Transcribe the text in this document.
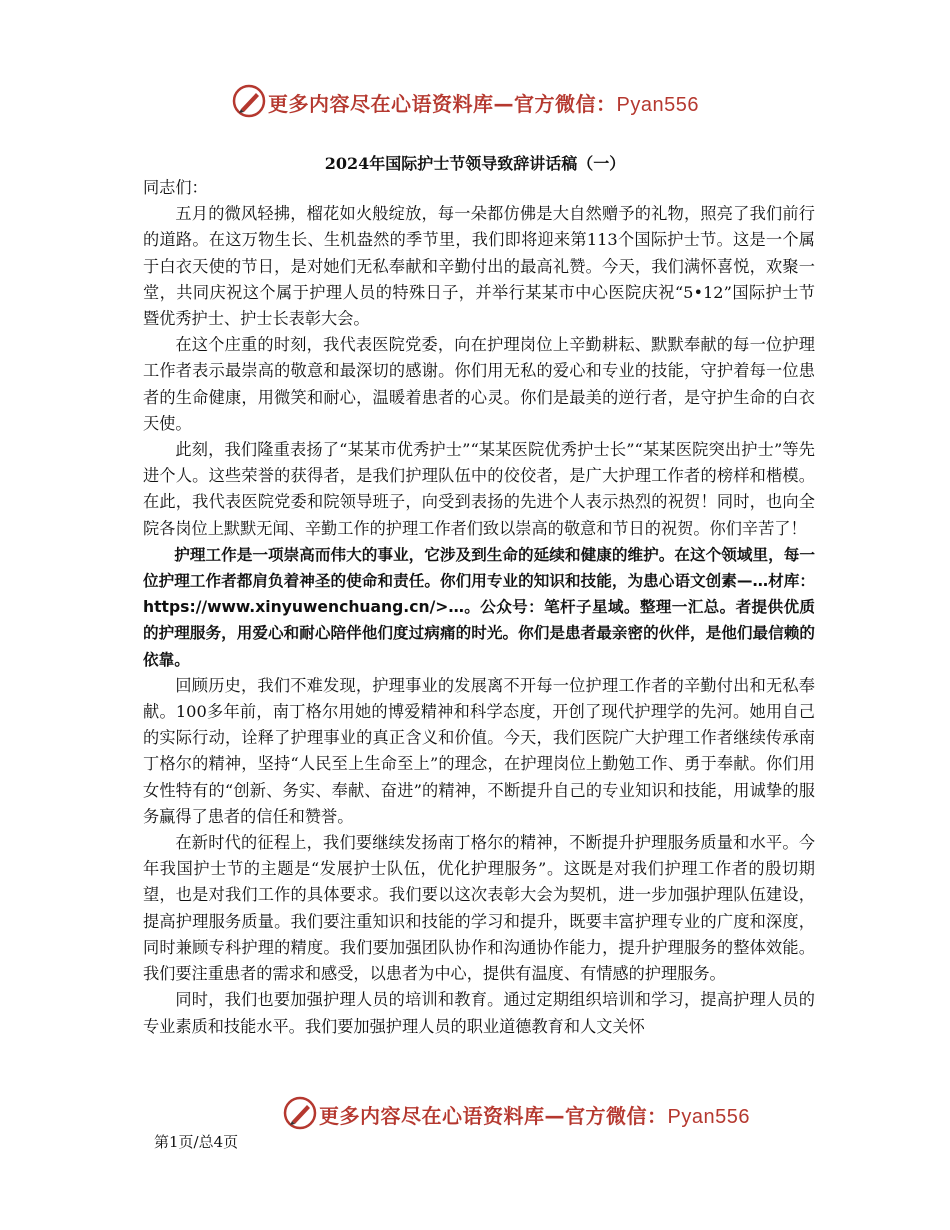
更多内容尽在心语资料库—官方微信：Pyan556
2024年国际护士节领导致辞讲话稿（一）

同志们：

五月的微风轻拂，榴花如火般绽放，每一朵都仿佛是大自然赠予的礼物，照亮了我们前行的道路。在这万物生长、生机盎然的季节里，我们即将迎来第113个国际护士节。这是一个属于白衣天使的节日，是对她们无私奉献和辛勤付出的最高礼赞。今天，我们满怀喜悦，欢聚一堂，共同庆祝这个属于护理人员的特殊日子，并举行某某市中心医院庆祝“5•12”国际护士节暨优秀护士、护士长表彰大会。

在这个庄重的时刻，我代表医院党委，向在护理岗位上辛勤耕耘、默默奉献的每一位护理工作者表示最崇高的敬意和最深切的感谢。你们用无私的爱心和专业的技能，守护着每一位患者的生命健康，用微笑和耐心，温暖着患者的心灵。你们是最美的逆行者，是守护生命的白衣天使。

此刻，我们隆重表扬了“某某市优秀护士”“某某医院优秀护士长”“某某医院突出护士”等先进个人。这些荣誉的获得者，是我们护理队伍中的佼佼者，是广大护理工作者的榜样和楷模。在此，我代表医院党委和院领导班子，向受到表扬的先进个人表示热烈的祝贺！同时，也向全院各岗位上默默无闻、辛勤工作的护理工作者们致以崇高的敬意和节日的祝贺。你们辛苦了！

护理工作是一项崇高而伟大的事业，它涉及到生命的延续和健康的维护。在这个领域里，每一位护理工作者都肩负着神圣的使命和责任。你们用专业的知识和技能，为患心语文创素—…材库：https://www.xinyuwenchuang.cn/>…。公众号：笔杆子星域。整理一汇总。者提供优质的护理服务，用爱心和耐心陪伴他们度过病痛的时光。你们是患者最亲密的伙伴，是他们最信赖的依靠。

回顾历史，我们不难发现，护理事业的发展离不开每一位护理工作者的辛勤付出和无私奉献。100多年前，南丁格尔用她的博爱精神和科学态度，开创了现代护理学的先河。她用自己的实际行动，诠释了护理事业的真正含义和价值。今天，我们医院广大护理工作者继续传承南丁格尔的精神，坚持“人民至上生命至上”的理念，在护理岗位上勤勉工作、勇于奉献。你们用女性特有的“创新、务实、奉献、奋进”的精神，不断提升自己的专业知识和技能，用诚挚的服务赢得了患者的信任和赞誉。

在新时代的征程上，我们要继续发扬南丁格尔的精神，不断提升护理服务质量和水平。今年我国护士节的主题是“发展护士队伍，优化护理服务”。这既是对我们护理工作者的殷切期望，也是对我们工作的具体要求。我们要以这次表彰大会为契机，进一步加强护理队伍建设，提高护理服务质量。我们要注重知识和技能的学习和提升，既要丰富护理专业的广度和深度，同时兼顾专科护理的精度。我们要加强团队协作和沟通协作能力，提升护理服务的整体效能。我们要注重患者的需求和感受，以患者为中心，提供有温度、有情感的护理服务。

同时，我们也要加强护理人员的培训和教育。通过定期组织培训和学习，提高护理人员的专业素质和技能水平。我们要加强护理人员的职业道德教育和人文关怀

更多内容尽在心语资料库—官方微信：Pyan556
第1页/总4页
